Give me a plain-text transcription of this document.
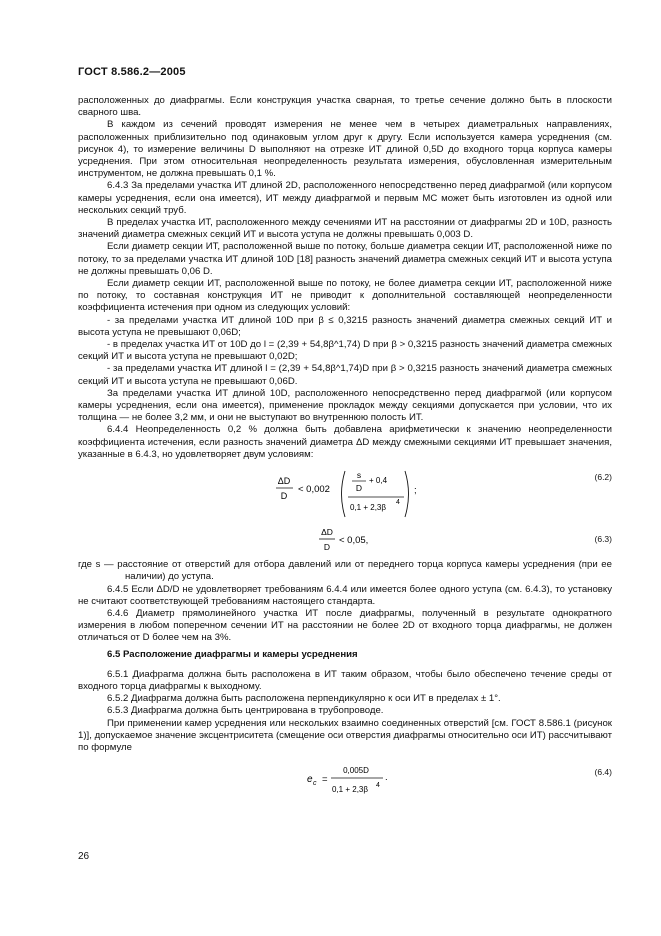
ГОСТ 8.586.2—2005

расположенных до диафрагмы. Если конструкция участка сварная, то третье сечение должно быть в плоскости сварного шва.

В каждом из сечений проводят измерения не менее чем в четырех диаметральных направлениях, расположенных приблизительно под одинаковым углом друг к другу. Если используется камера усреднения (см. рисунок 4), то измерение величины D выполняют на отрезке ИТ длиной 0,5D до входного торца корпуса камеры усреднения. При этом относительная неопределенность результата измерения, обусловленная измерительным инструментом, не должна превышать 0,1 %.

6.4.3 За пределами участка ИТ длиной 2D, расположенного непосредственно перед диафрагмой (или корпусом камеры усреднения, если она имеется), ИТ между диафрагмой и первым МС может быть изготовлен из одной или нескольких секций труб.

В пределах участка ИТ, расположенного между сечениями ИТ на расстоянии от диафрагмы 2D и 10D, разность значений диаметра смежных секций ИТ и высота уступа не должны превышать 0,003 D.

Если диаметр секции ИТ, расположенной выше по потоку, больше диаметра секции ИТ, расположенной ниже по потоку, то за пределами участка ИТ длиной 10D [18] разность значений диаметра смежных секций ИТ и высота уступа не должны превышать 0,06 D.

Если диаметр секции ИТ, расположенной выше по потоку, не более диаметра секции ИТ, расположенной ниже по потоку, то составная конструкция ИТ не приводит к дополнительной составляющей неопределенности коэффициента истечения при одном из следующих условий:

- за пределами участка ИТ длиной 10D при β ≤ 0,3215 разность значений диаметра смежных секций ИТ и высота уступа не превышают 0,06D;

- в пределах участка ИТ от 10D до l = (2,39 + 54,8β^1,74) D при β > 0,3215 разность значений диаметра смежных секций ИТ и высота уступа не превышают 0,02D;

- за пределами участка ИТ длиной l = (2,39 + 54,8β^1,74)D при β > 0,3215 разность значений диаметра смежных секций ИТ и высота уступа не превышают 0,06D.

За пределами участка ИТ длиной 10D, расположенного непосредственно перед диафрагмой (или корпусом камеры усреднения, если она имеется), применение прокладок между секциями допускается при условии, что их толщина — не более 3,2 мм, и они не выступают во внутреннюю полость ИТ.

6.4.4 Неопределенность 0,2 % должна быть добавлена арифметически к значению неопределенности коэффициента истечения, если разность значений диаметра ΔD между смежными секциями ИТ превышает значения, указанные в 6.4.3, но удовлетворяет двум условиям:

ΔD
D
< 0,002
s
D
+ 0,4
0,1 + 2,3β
4
;
(6.2)
ΔD
D
< 0,05,	(6.3)

где s — расстояние от отверстий для отбора давлений или от переднего торца корпуса камеры усреднения (при ее наличии) до уступа.

6.4.5 Если ΔD/D не удовлетворяет требованиям 6.4.4 или имеется более одного уступа (см. 6.4.3), то установку не считают соответствующей требованиям настоящего стандарта.

6.4.6 Диаметр прямолинейного участка ИТ после диафрагмы, полученный в результате однократного измерения в любом поперечном сечении ИТ на расстоянии не более 2D от входного торца диафрагмы, не должен отличаться от D более чем на 3%.

6.5 Расположение диафрагмы и камеры усреднения

6.5.1 Диафрагма должна быть расположена в ИТ таким образом, чтобы было обеспечено течение среды от входного торца диафрагмы к выходному.

6.5.2 Диафрагма должна быть расположена перпендикулярно к оси ИТ в пределах ± 1°.

6.5.3 Диафрагма должна быть центрирована в трубопроводе.

При применении камер усреднения или нескольких взаимно соединенных отверстий [см. ГОСТ 8.586.1 (рисунок 1)], допускаемое значение эксцентриситета (смещение оси отверстия диафрагмы относительно оси ИТ) рассчитывают по формуле

e c =
0,005D
0,1 + 2,3β 4
.	(6.4)
26
